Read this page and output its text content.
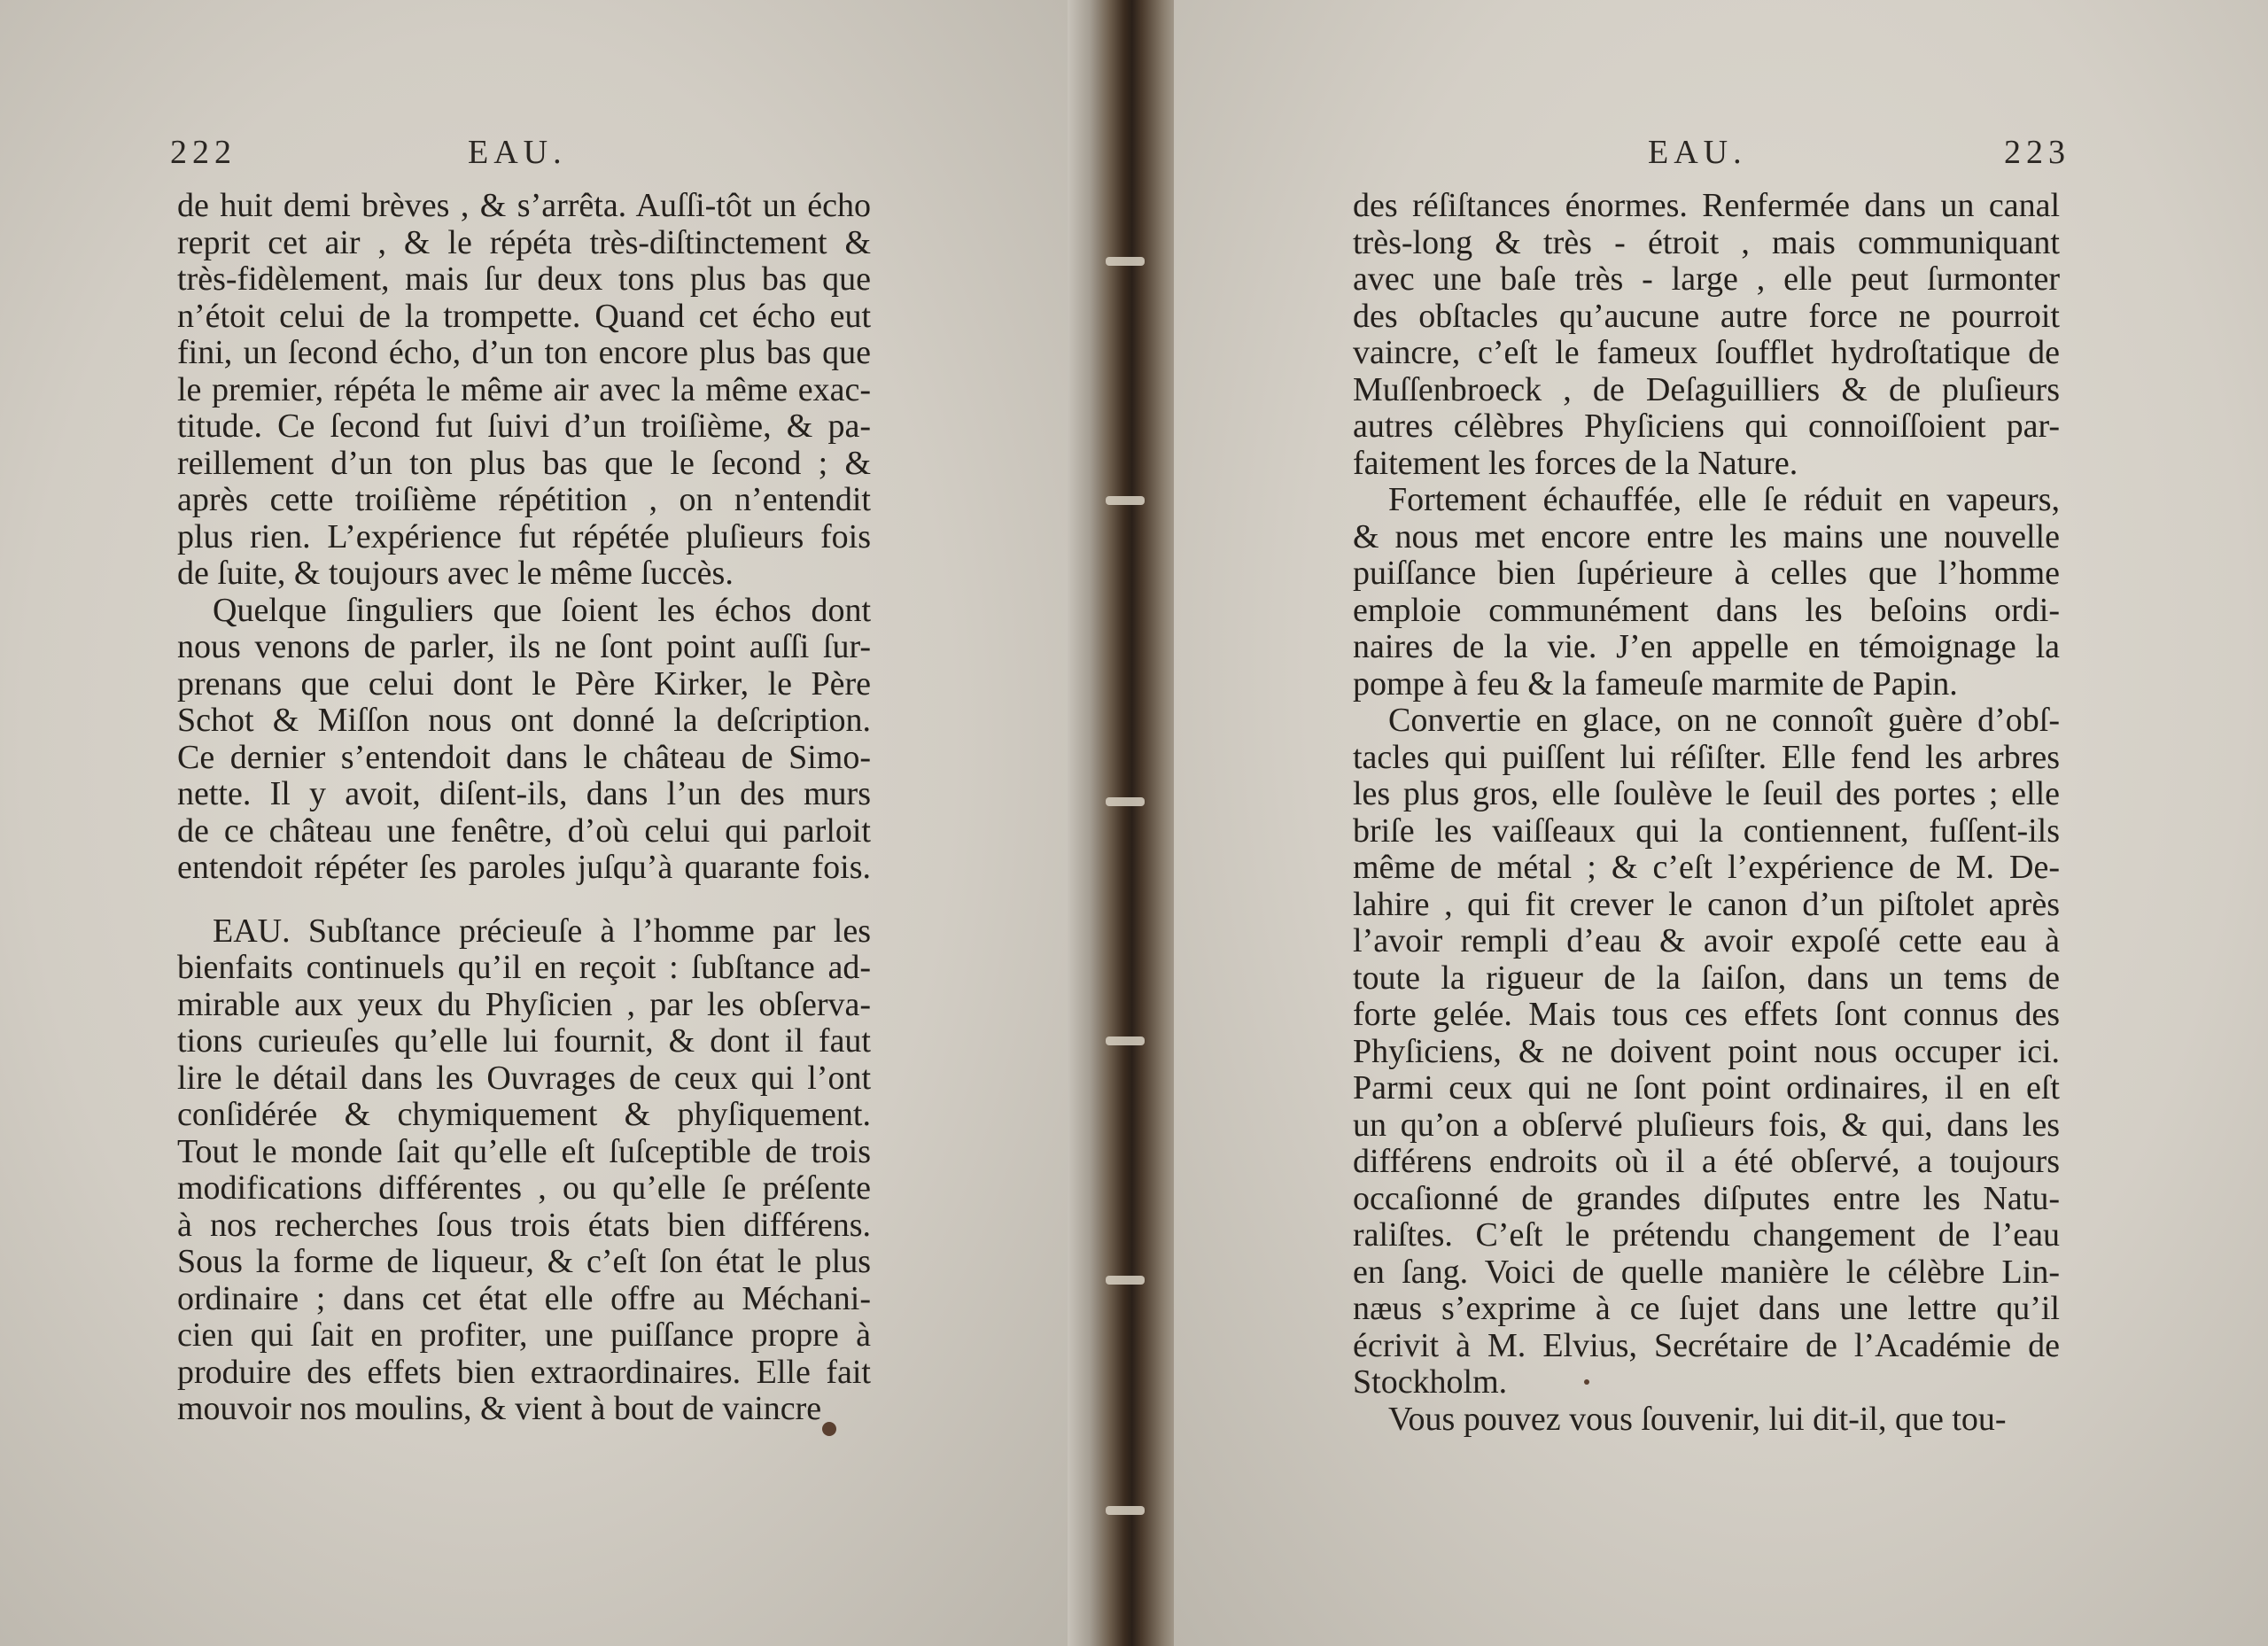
222	EAU.
de huit demi brèves , & s’arrêta. Auſſi-tôt un écho
reprit cet air , & le répéta très-diſtinctement &
très-fidèlement, mais ſur deux tons plus bas que
n’étoit celui de la trompette. Quand cet écho eut
fini, un ſecond écho, d’un ton encore plus bas que
le premier, répéta le même air avec la même exac-
titude. Ce ſecond fut ſuivi d’un troiſième, & pa-
reillement d’un ton plus bas que le ſecond ; &
après cette troiſième répétition , on n’entendit
plus rien. L’expérience fut répétée pluſieurs fois
de ſuite, & toujours avec le même ſuccès.
Quelque ſinguliers que ſoient les échos dont
nous venons de parler, ils ne ſont point auſſi ſur-
prenans que celui dont le Père Kirker, le Père
Schot & Miſſon nous ont donné la deſcription.
Ce dernier s’entendoit dans le château de Simo-
nette. Il y avoit, diſent-ils, dans l’un des murs
de ce château une fenêtre, d’où celui qui parloit
entendoit répéter ſes paroles juſqu’à quarante fois.
EAU. Subſtance précieuſe à l’homme par les
bienfaits continuels qu’il en reçoit : ſubſtance ad-
mirable aux yeux du Phyſicien , par les obſerva-
tions curieuſes qu’elle lui fournit, & dont il faut
lire le détail dans les Ouvrages de ceux qui l’ont
conſidérée & chymiquement & phyſiquement.
Tout le monde ſait qu’elle eſt ſuſceptible de trois
modifications différentes , ou qu’elle ſe préſente
à nos recherches ſous trois états bien différens.
Sous la forme de liqueur, & c’eſt ſon état le plus
ordinaire ; dans cet état elle offre au Méchani-
cien qui ſait en profiter, une puiſſance propre à
produire des effets bien extraordinaires. Elle fait
mouvoir nos moulins, & vient à bout de vaincre
EAU.	223
des réſiſtances énormes. Renfermée dans un canal
très-long & très - étroit , mais communiquant
avec une baſe très - large , elle peut ſurmonter
des obſtacles qu’aucune autre force ne pourroit
vaincre, c’eſt le fameux ſoufflet hydroſtatique de
Muſſenbroeck , de Deſaguilliers & de pluſieurs
autres célèbres Phyſiciens qui connoiſſoient par-
faitement les forces de la Nature.
Fortement échauffée, elle ſe réduit en vapeurs,
& nous met encore entre les mains une nouvelle
puiſſance bien ſupérieure à celles que l’homme
emploie communément dans les beſoins ordi-
naires de la vie. J’en appelle en témoignage la
pompe à feu & la fameuſe marmite de Papin.
Convertie en glace, on ne connoît guère d’obſ-
tacles qui puiſſent lui réſiſter. Elle fend les arbres
les plus gros, elle ſoulève le ſeuil des portes ; elle
briſe les vaiſſeaux qui la contiennent, fuſſent-ils
même de métal ; & c’eſt l’expérience de M. De-
lahire , qui fit crever le canon d’un piſtolet après
l’avoir rempli d’eau & avoir expoſé cette eau à
toute la rigueur de la ſaiſon, dans un tems de
forte gelée. Mais tous ces effets ſont connus des
Phyſiciens, & ne doivent point nous occuper ici.
Parmi ceux qui ne ſont point ordinaires, il en eſt
un qu’on a obſervé pluſieurs fois, & qui, dans les
différens endroits où il a été obſervé, a toujours
occaſionné de grandes diſputes entre les Natu-
raliſtes. C’eſt le prétendu changement de l’eau
en ſang. Voici de quelle manière le célèbre Lin-
næus s’exprime à ce ſujet dans une lettre qu’il
écrivit à M. Elvius, Secrétaire de l’Académie de
Stockholm.
Vous pouvez vous ſouvenir, lui dit-il, que tou-
